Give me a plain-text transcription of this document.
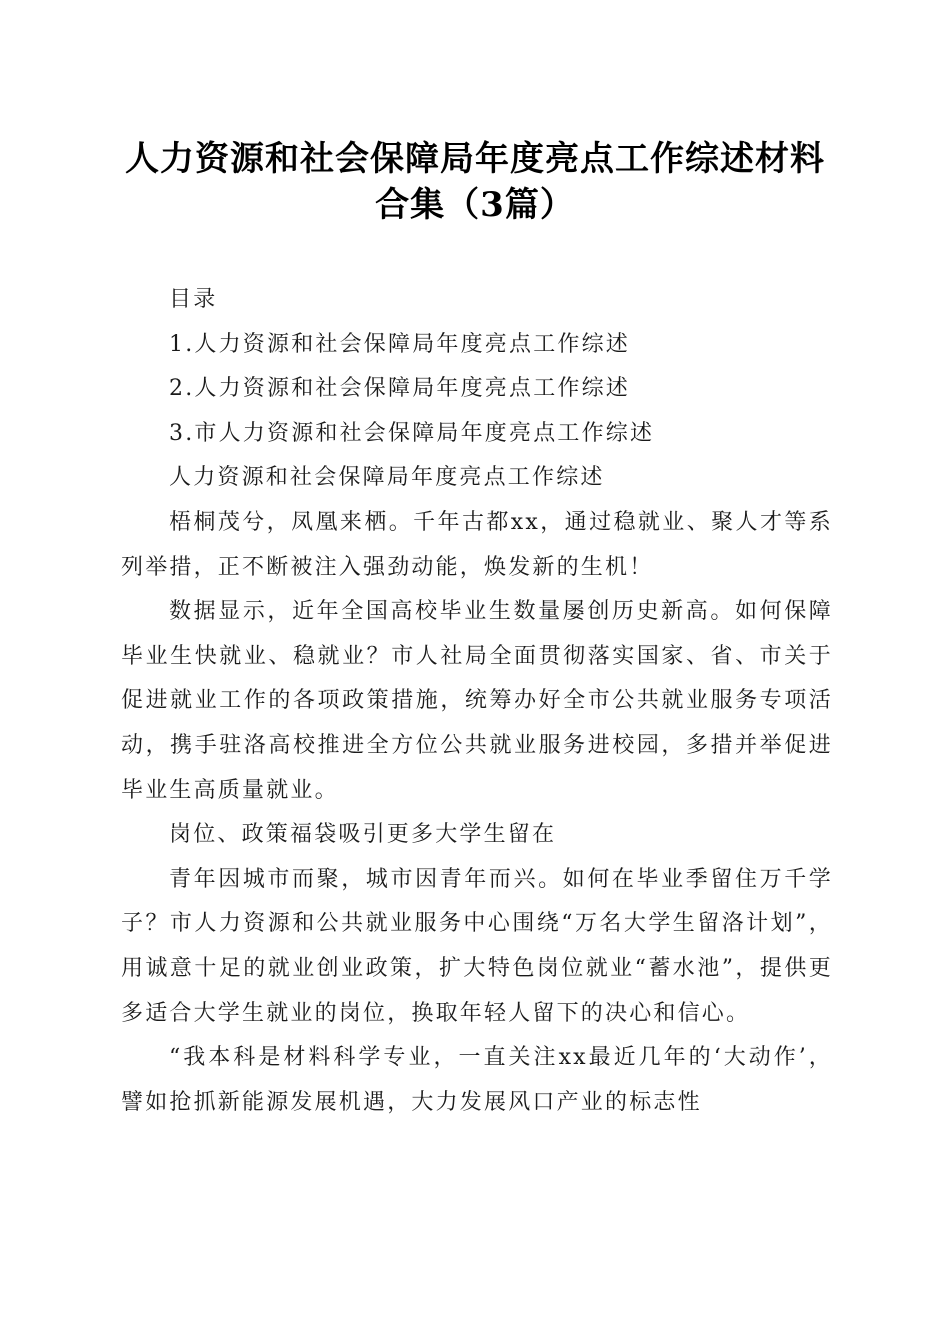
人力资源和社会保障局年度亮点工作综述材料
合集（3篇）

目录

1.人力资源和社会保障局年度亮点工作综述

2.人力资源和社会保障局年度亮点工作综述

3.市人力资源和社会保障局年度亮点工作综述

人力资源和社会保障局年度亮点工作综述

梧桐茂兮，凤凰来栖。千年古都xx，通过稳就业、聚人才等系列举措，正不断被注入强劲动能，焕发新的生机！

数据显示，近年全国高校毕业生数量屡创历史新高。如何保障毕业生快就业、稳就业？市人社局全面贯彻落实国家、省、市关于促进就业工作的各项政策措施，统筹办好全市公共就业服务专项活动，携手驻洛高校推进全方位公共就业服务进校园，多措并举促进毕业生高质量就业。

岗位、政策福袋吸引更多大学生留在

青年因城市而聚，城市因青年而兴。如何在毕业季留住万千学子？市人力资源和公共就业服务中心围绕“万名大学生留洛计划”，用诚意十足的就业创业政策，扩大特色岗位就业“蓄水池”，提供更多适合大学生就业的岗位，换取年轻人留下的决心和信心。

“我本科是材料科学专业，一直关注xx最近几年的‘大动作’，譬如抢抓新能源发展机遇，大力发展风口产业的标志性
